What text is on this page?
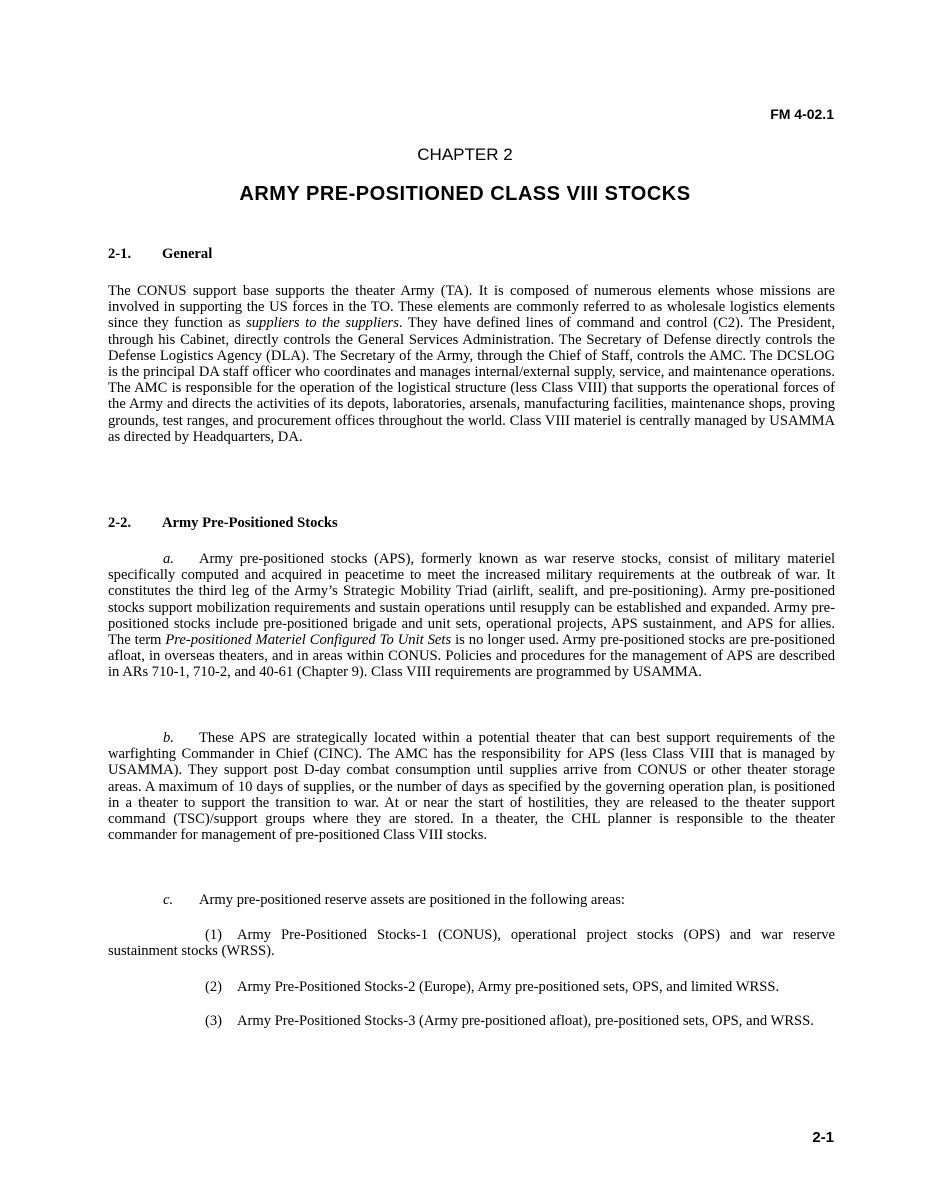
FM 4-02.1
CHAPTER 2
ARMY PRE-POSITIONED CLASS VIII STOCKS
2-1. General
The CONUS support base supports the theater Army (TA). It is composed of numerous elements whose missions are involved in supporting the US forces in the TO. These elements are commonly referred to as wholesale logistics elements since they function as suppliers to the suppliers. They have defined lines of command and control (C2). The President, through his Cabinet, directly controls the General Services Administration. The Secretary of Defense directly controls the Defense Logistics Agency (DLA). The Secretary of the Army, through the Chief of Staff, controls the AMC. The DCSLOG is the principal DA staff officer who coordinates and manages internal/external supply, service, and maintenance operations. The AMC is responsible for the operation of the logistical structure (less Class VIII) that supports the operational forces of the Army and directs the activities of its depots, laboratories, arsenals, manufacturing facilities, maintenance shops, proving grounds, test ranges, and procurement offices throughout the world. Class VIII materiel is centrally managed by USAMMA as directed by Headquarters, DA.
2-2. Army Pre-Positioned Stocks
a. Army pre-positioned stocks (APS), formerly known as war reserve stocks, consist of military materiel specifically computed and acquired in peacetime to meet the increased military requirements at the outbreak of war. It constitutes the third leg of the Army’s Strategic Mobility Triad (airlift, sealift, and pre-positioning). Army pre-positioned stocks support mobilization requirements and sustain operations until resupply can be established and expanded. Army pre-positioned stocks include pre-positioned brigade and unit sets, operational projects, APS sustainment, and APS for allies. The term Pre-positioned Materiel Configured To Unit Sets is no longer used. Army pre-positioned stocks are pre-positioned afloat, in overseas theaters, and in areas within CONUS. Policies and procedures for the management of APS are described in ARs 710-1, 710-2, and 40-61 (Chapter 9). Class VIII requirements are programmed by USAMMA.
b. These APS are strategically located within a potential theater that can best support requirements of the warfighting Commander in Chief (CINC). The AMC has the responsibility for APS (less Class VIII that is managed by USAMMA). They support post D-day combat consumption until supplies arrive from CONUS or other theater storage areas. A maximum of 10 days of supplies, or the number of days as specified by the governing operation plan, is positioned in a theater to support the transition to war. At or near the start of hostilities, they are released to the theater support command (TSC)/support groups where they are stored. In a theater, the CHL planner is responsible to the theater commander for management of pre-positioned Class VIII stocks.
c. Army pre-positioned reserve assets are positioned in the following areas:
(1) Army Pre-Positioned Stocks-1 (CONUS), operational project stocks (OPS) and war reserve sustainment stocks (WRSS).
(2) Army Pre-Positioned Stocks-2 (Europe), Army pre-positioned sets, OPS, and limited WRSS.
(3) Army Pre-Positioned Stocks-3 (Army pre-positioned afloat), pre-positioned sets, OPS, and WRSS.
2-1
